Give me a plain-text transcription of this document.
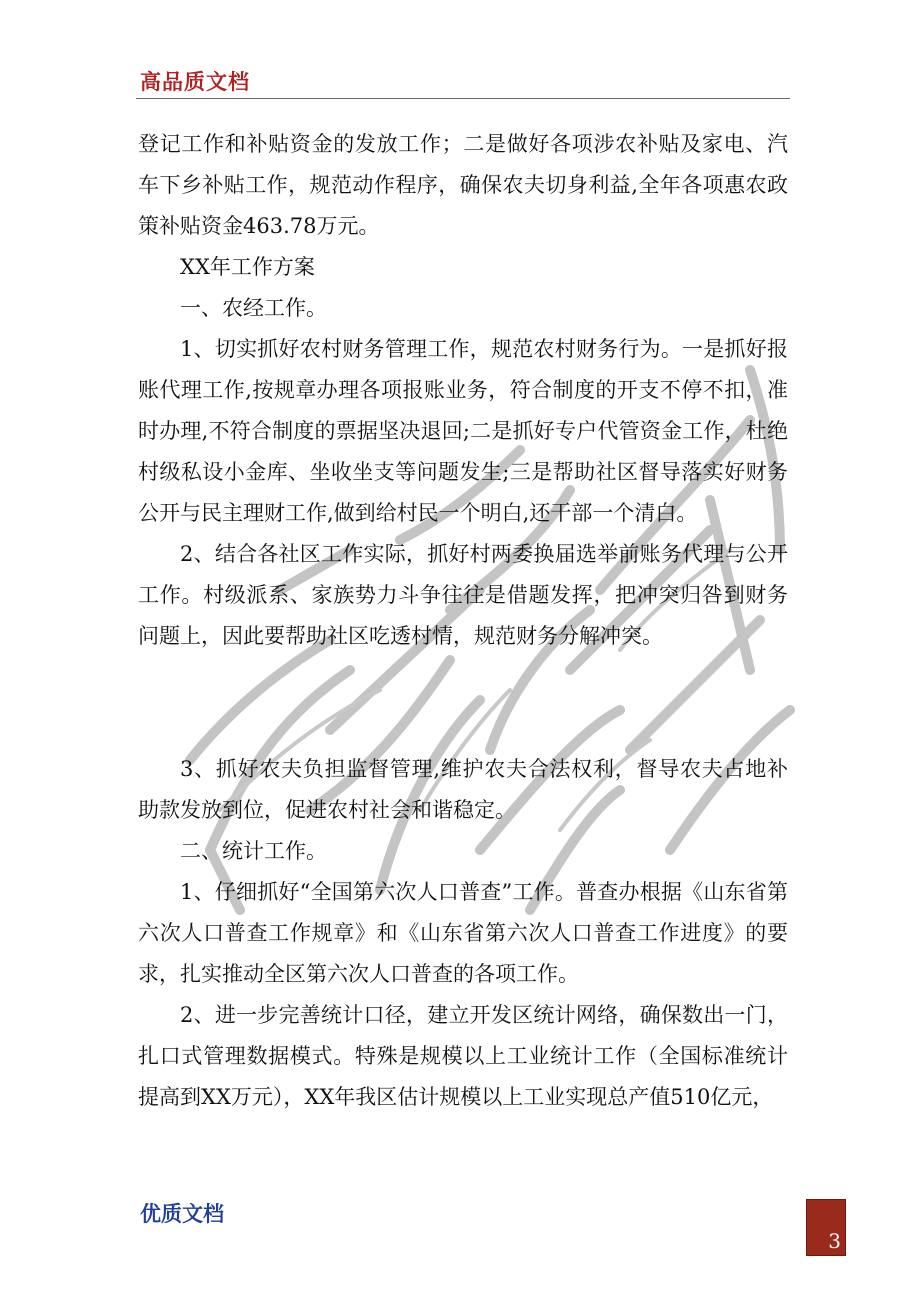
高品质文档

登记工作和补贴资金的发放工作；二是做好各项涉农补贴及家电、汽车下乡补贴工作，规范动作程序，确保农夫切身利益,全年各项惠农政策补贴资金463.78万元。

XX年工作方案

一、农经工作。

1、切实抓好农村财务管理工作，规范农村财务行为。一是抓好报账代理工作,按规章办理各项报账业务，符合制度的开支不停不扣，准时办理,不符合制度的票据坚决退回;二是抓好专户代管资金工作，杜绝村级私设小金库、坐收坐支等问题发生;三是帮助社区督导落实好财务公开与民主理财工作,做到给村民一个明白,还干部一个清白。

2、结合各社区工作实际，抓好村两委换届选举前账务代理与公开工作。村级派系、家族势力斗争往往是借题发挥，把冲突归咎到财务问题上，因此要帮助社区吃透村情，规范财务分解冲突。

3、抓好农夫负担监督管理,维护农夫合法权利，督导农夫占地补助款发放到位，促进农村社会和谐稳定。

二、统计工作。

1、仔细抓好“全国第六次人口普查”工作。普查办根据《山东省第六次人口普查工作规章》和《山东省第六次人口普查工作进度》的要求，扎实推动全区第六次人口普查的各项工作。

2、进一步完善统计口径，建立开发区统计网络，确保数出一门，扎口式管理数据模式。特殊是规模以上工业统计工作（全国标准统计提高到XX万元），XX年我区估计规模以上工业实现总产值510亿元，

优质文档
3
